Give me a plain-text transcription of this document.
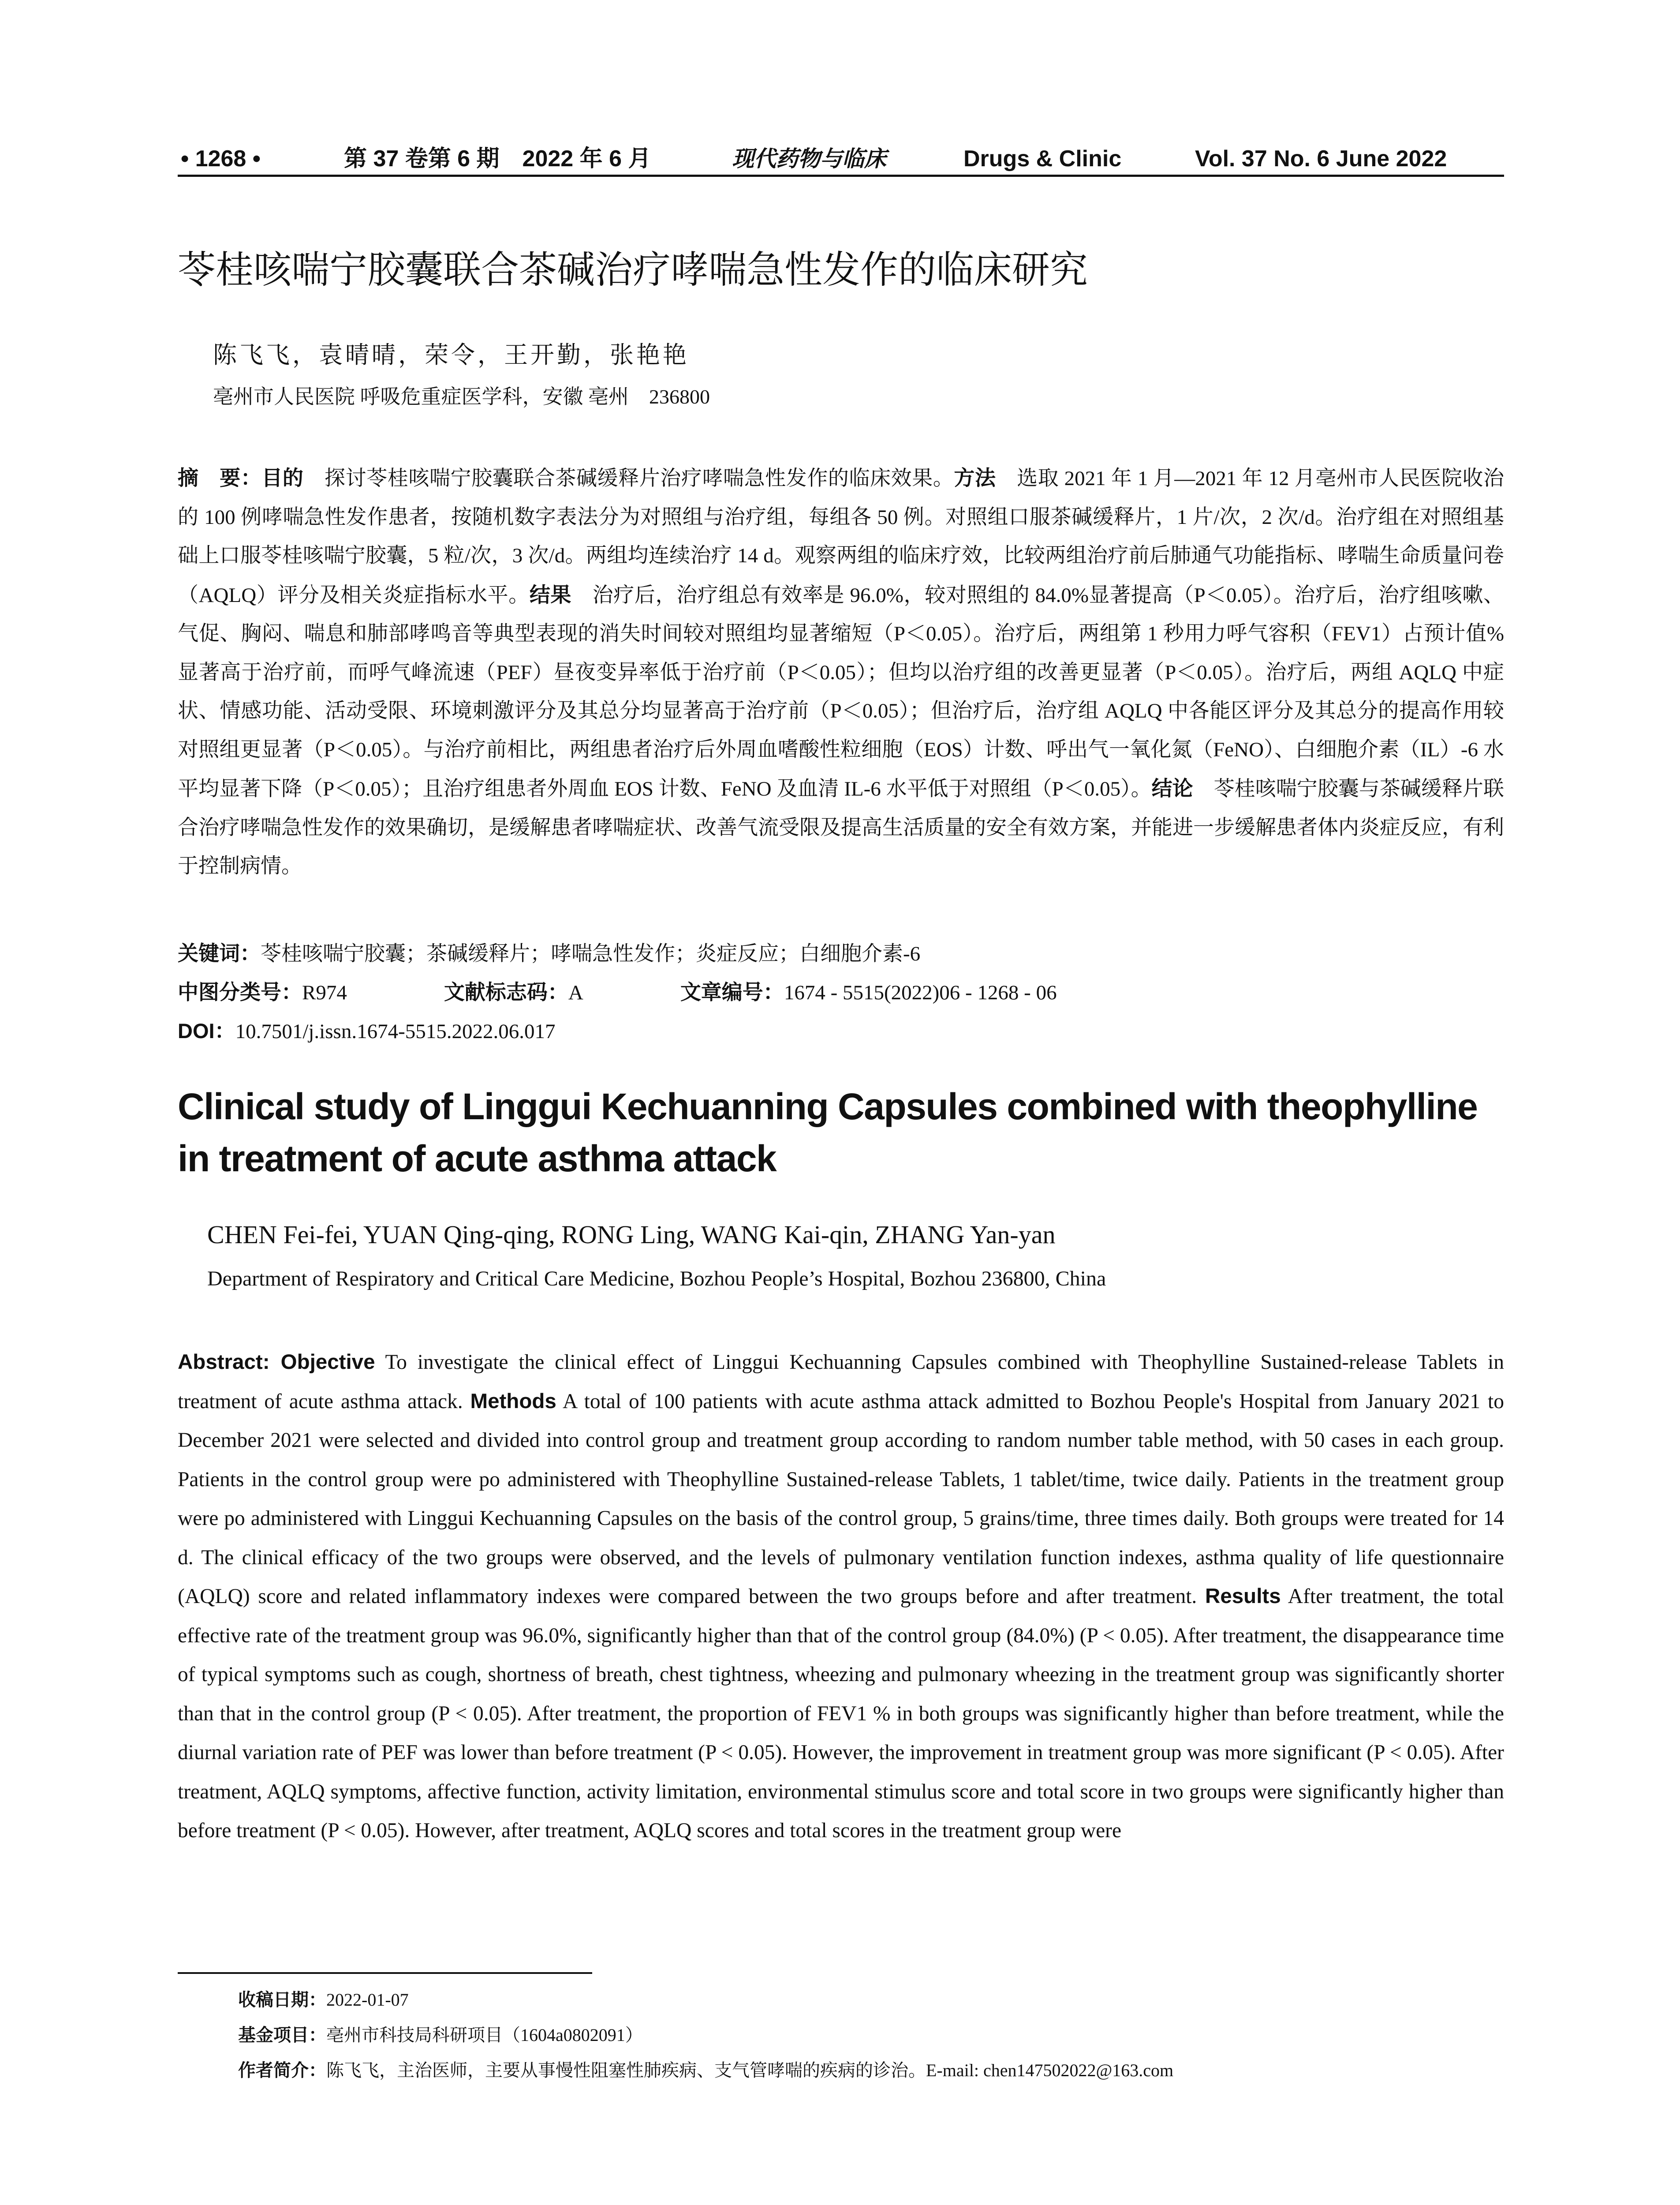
• 1268 •	第 37 卷第 6 期　2022 年 6 月	现代药物与临床	Drugs & Clinic	Vol. 37 No. 6 June 2022
苓桂咳喘宁胶囊联合茶碱治疗哮喘急性发作的临床研究
陈飞飞，袁晴晴，荣令，王开勤，张艳艳
亳州市人民医院 呼吸危重症医学科，安徽 亳州　236800
摘　要：目的　探讨苓桂咳喘宁胶囊联合茶碱缓释片治疗哮喘急性发作的临床效果。方法　选取 2021 年 1 月—2021 年 12 月亳州市人民医院收治的 100 例哮喘急性发作患者，按随机数字表法分为对照组与治疗组，每组各 50 例。对照组口服茶碱缓释片，1 片/次，2 次/d。治疗组在对照组基础上口服苓桂咳喘宁胶囊，5 粒/次，3 次/d。两组均连续治疗 14 d。观察两组的临床疗效，比较两组治疗前后肺通气功能指标、哮喘生命质量问卷（AQLQ）评分及相关炎症指标水平。结果　治疗后，治疗组总有效率是 96.0%，较对照组的 84.0%显著提高（P＜0.05）。治疗后，治疗组咳嗽、气促、胸闷、喘息和肺部哮鸣音等典型表现的消失时间较对照组均显著缩短（P＜0.05）。治疗后，两组第 1 秒用力呼气容积（FEV1）占预计值%显著高于治疗前，而呼气峰流速（PEF）昼夜变异率低于治疗前（P＜0.05）；但均以治疗组的改善更显著（P＜0.05）。治疗后，两组 AQLQ 中症状、情感功能、活动受限、环境刺激评分及其总分均显著高于治疗前（P＜0.05）；但治疗后，治疗组 AQLQ 中各能区评分及其总分的提高作用较对照组更显著（P＜0.05）。与治疗前相比，两组患者治疗后外周血嗜酸性粒细胞（EOS）计数、呼出气一氧化氮（FeNO）、白细胞介素（IL）-6 水平均显著下降（P＜0.05）；且治疗组患者外周血 EOS 计数、FeNO 及血清 IL-6 水平低于对照组（P＜0.05）。结论　苓桂咳喘宁胶囊与茶碱缓释片联合治疗哮喘急性发作的效果确切，是缓解患者哮喘症状、改善气流受限及提高生活质量的安全有效方案，并能进一步缓解患者体内炎症反应，有利于控制病情。
关键词：苓桂咳喘宁胶囊；茶碱缓释片；哮喘急性发作；炎症反应；白细胞介素-6
中图分类号：R974	文献标志码：A	文章编号：1674 - 5515(2022)06 - 1268 - 06
DOI：10.7501/j.issn.1674-5515.2022.06.017
Clinical study of Linggui Kechuanning Capsules combined with theophylline in treatment of acute asthma attack
CHEN Fei-fei, YUAN Qing-qing, RONG Ling, WANG Kai-qin, ZHANG Yan-yan
Department of Respiratory and Critical Care Medicine, Bozhou People’s Hospital, Bozhou 236800, China
Abstract: Objective To investigate the clinical effect of Linggui Kechuanning Capsules combined with Theophylline Sustained-release Tablets in treatment of acute asthma attack. Methods A total of 100 patients with acute asthma attack admitted to Bozhou People's Hospital from January 2021 to December 2021 were selected and divided into control group and treatment group according to random number table method, with 50 cases in each group. Patients in the control group were po administered with Theophylline Sustained-release Tablets, 1 tablet/time, twice daily. Patients in the treatment group were po administered with Linggui Kechuanning Capsules on the basis of the control group, 5 grains/time, three times daily. Both groups were treated for 14 d. The clinical efficacy of the two groups were observed, and the levels of pulmonary ventilation function indexes, asthma quality of life questionnaire (AQLQ) score and related inflammatory indexes were compared between the two groups before and after treatment. Results After treatment, the total effective rate of the treatment group was 96.0%, significantly higher than that of the control group (84.0%) (P < 0.05). After treatment, the disappearance time of typical symptoms such as cough, shortness of breath, chest tightness, wheezing and pulmonary wheezing in the treatment group was significantly shorter than that in the control group (P < 0.05). After treatment, the proportion of FEV1 % in both groups was significantly higher than before treatment, while the diurnal variation rate of PEF was lower than before treatment (P < 0.05). However, the improvement in treatment group was more significant (P < 0.05). After treatment, AQLQ symptoms, affective function, activity limitation, environmental stimulus score and total score in two groups were significantly higher than before treatment (P < 0.05). However, after treatment, AQLQ scores and total scores in the treatment group were
收稿日期：2022-01-07
基金项目：亳州市科技局科研项目（1604a0802091）
作者简介：陈飞飞，主治医师，主要从事慢性阻塞性肺疾病、支气管哮喘的疾病的诊治。E-mail: chen147502022@163.com
